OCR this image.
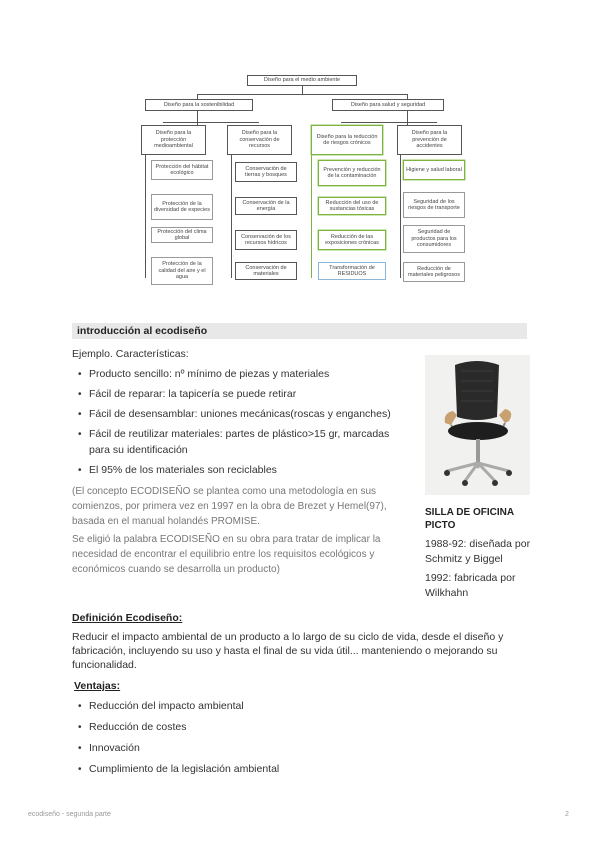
Diseño para el medio ambiente
Diseño para la sostenibilidad	Diseño para salud y seguridad
Diseño para la protección medioambiental
Diseño para la conservación de recursos
Diseño para la reducción de riesgos crónicos
Diseño para la prevención de accidentes
Protección del hábitat ecológico
Protección de la diversidad de especies
Protección del clima global
Protección de la calidad del aire y el agua
Conservación de tierras y bosques
Conservación de la energía
Conservación de los recursos hídricos
Conservación de materiales
Prevención y reducción de la contaminación
Reducción del uso de sustancias tóxicas
Reducción de las exposiciones crónicas
Transformación de RESIDUOS
Higiene y salud laboral
Seguridad de los riesgos de transporte
Seguridad de productos para los consumidores
Reducción de materiales peligrosos
introducción al ecodiseño
Ejemplo. Características:
• Producto sencillo: nº mínimo de piezas y materiales
• Fácil de reparar: la tapicería se puede retirar
• Fácil de desensamblar: uniones mecánicas(roscas y enganches)
• Fácil de reutilizar materiales: partes de plástico>15 gr, marcadas
para su identificación
• El 95% de los materiales son reciclables
(El concepto ECODISEÑO se plantea como una metodología en sus
comienzos, por primera vez en 1997 en la obra de Brezet y Hemel(97),
basada en el manual holandés PROMISE.
Se eligió la palabra ECODISEÑO en su obra para tratar de implicar la
necesidad de encontrar el equilibrio entre los requisitos ecológicos y
económicos cuando se desarrolla un producto)
SILLA DE OFICINA
PICTO
1988-92: diseñada por
Schmitz y Biggel
1992: fabricada por
Wilkhahn
Definición Ecodiseño:
Reducir el impacto ambiental de un producto a lo largo de su ciclo de vida, desde el diseño y
fabricación, incluyendo su uso y hasta el final de su vida útil... manteniendo o mejorando su
funcionalidad.
Ventajas:
• Reducción del impacto ambiental
• Reducción de costes
• Innovación
• Cumplimiento de la legislación ambiental
ecodiseño - segunda parte	2
